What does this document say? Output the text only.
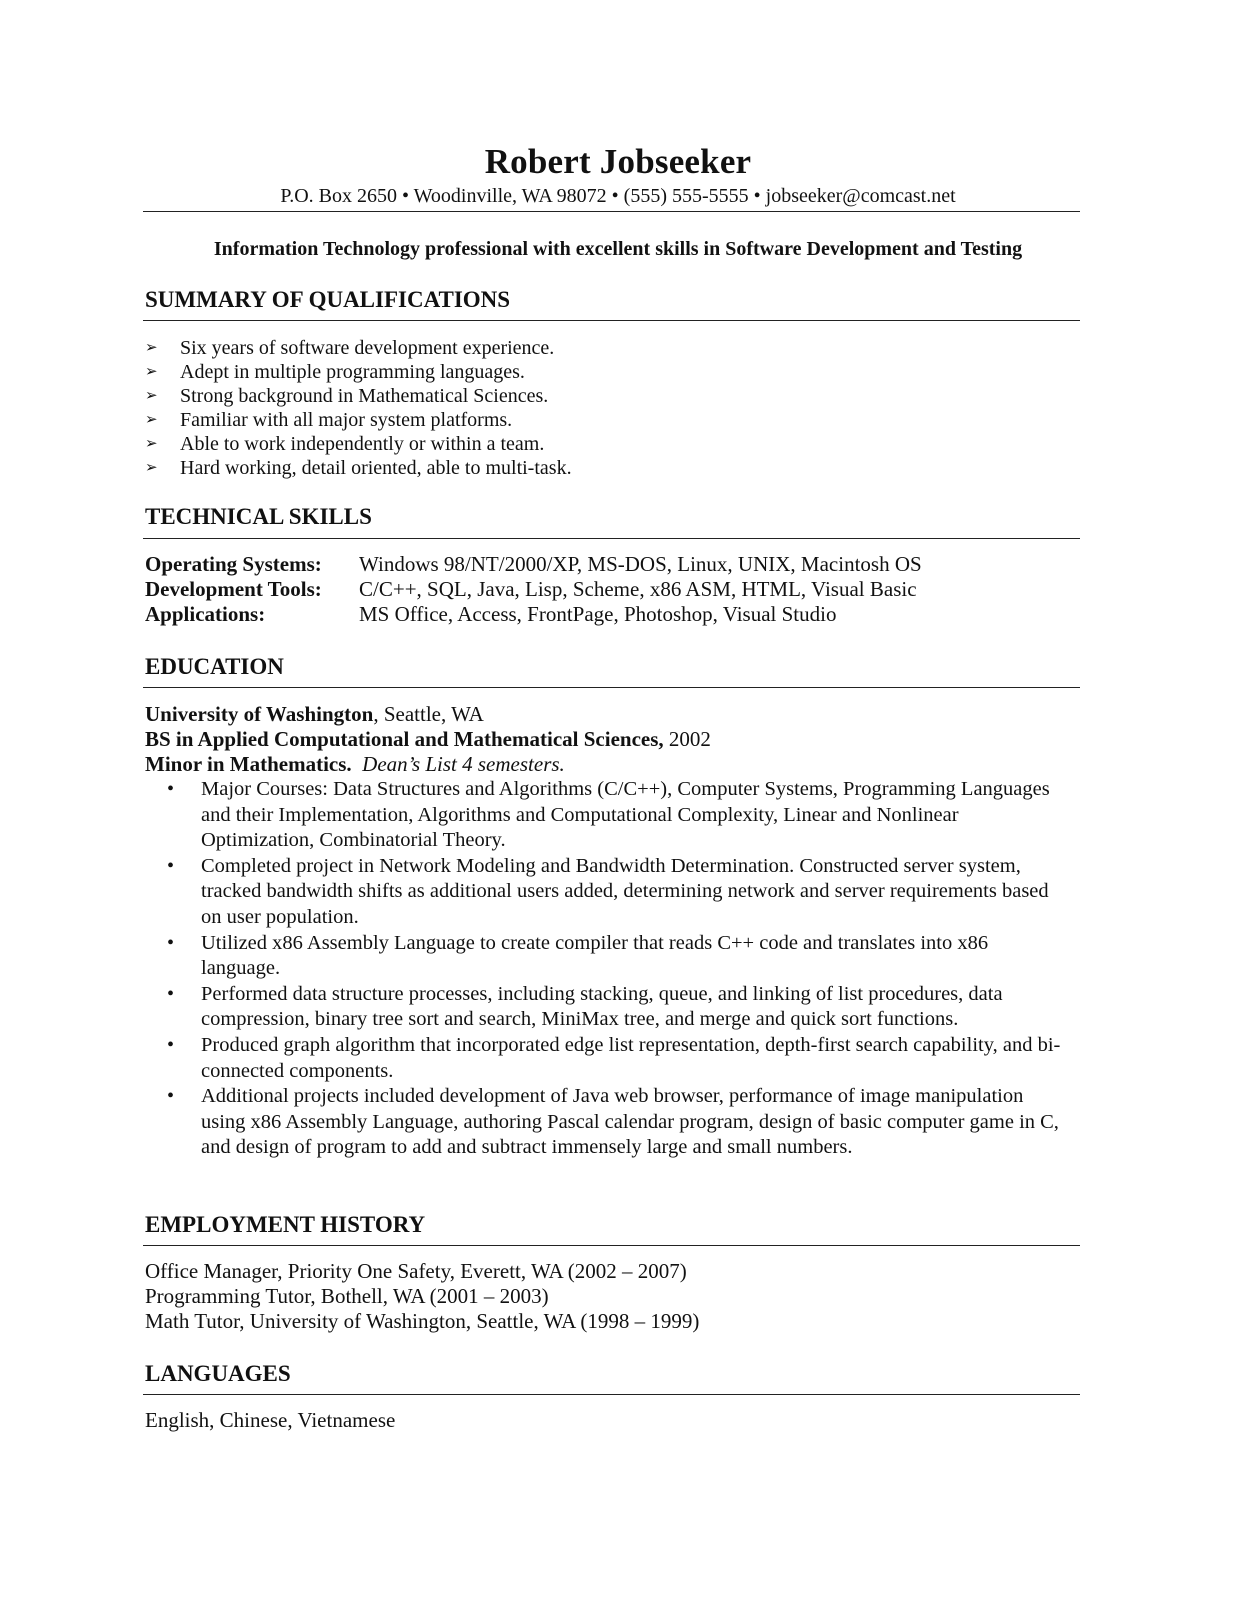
Robert Jobseeker
P.O. Box 2650 • Woodinville, WA 98072 • (555) 555-5555 • jobseeker@comcast.net
Information Technology professional with excellent skills in Software Development and Testing
SUMMARY OF QUALIFICATIONS
➢	Six years of software development experience.
➢	Adept in multiple programming languages.
➢	Strong background in Mathematical Sciences.
➢	Familiar with all major system platforms.
➢	Able to work independently or within a team.
➢	Hard working, detail oriented, able to multi-task.
TECHNICAL SKILLS
Operating Systems: Windows 98/NT/2000/XP, MS-DOS, Linux, UNIX, Macintosh OS
Development Tools: C/C++, SQL, Java, Lisp, Scheme, x86 ASM, HTML, Visual Basic
Applications:	MS Office, Access, FrontPage, Photoshop, Visual Studio
EDUCATION
University of Washington, Seattle, WA
BS in Applied Computational and Mathematical Sciences, 2002
Minor in Mathematics. Dean’s List 4 semesters.
• Major Courses: Data Structures and Algorithms (C/C++), Computer Systems, Programming Languages and their Implementation, Algorithms and Computational Complexity, Linear and Nonlinear Optimization, Combinatorial Theory.
• Completed project in Network Modeling and Bandwidth Determination. Constructed server system, tracked bandwidth shifts as additional users added, determining network and server requirements based on user population.
• Utilized x86 Assembly Language to create compiler that reads C++ code and translates into x86 language.
• Performed data structure processes, including stacking, queue, and linking of list procedures, data compression, binary tree sort and search, MiniMax tree, and merge and quick sort functions.
• Produced graph algorithm that incorporated edge list representation, depth-first search capability, and bi-connected components.
• Additional projects included development of Java web browser, performance of image manipulation using x86 Assembly Language, authoring Pascal calendar program, design of basic computer game in C, and design of program to add and subtract immensely large and small numbers.
EMPLOYMENT HISTORY
Office Manager, Priority One Safety, Everett, WA (2002 – 2007)
Programming Tutor, Bothell, WA (2001 – 2003)
Math Tutor, University of Washington, Seattle, WA (1998 – 1999)
LANGUAGES
English, Chinese, Vietnamese
